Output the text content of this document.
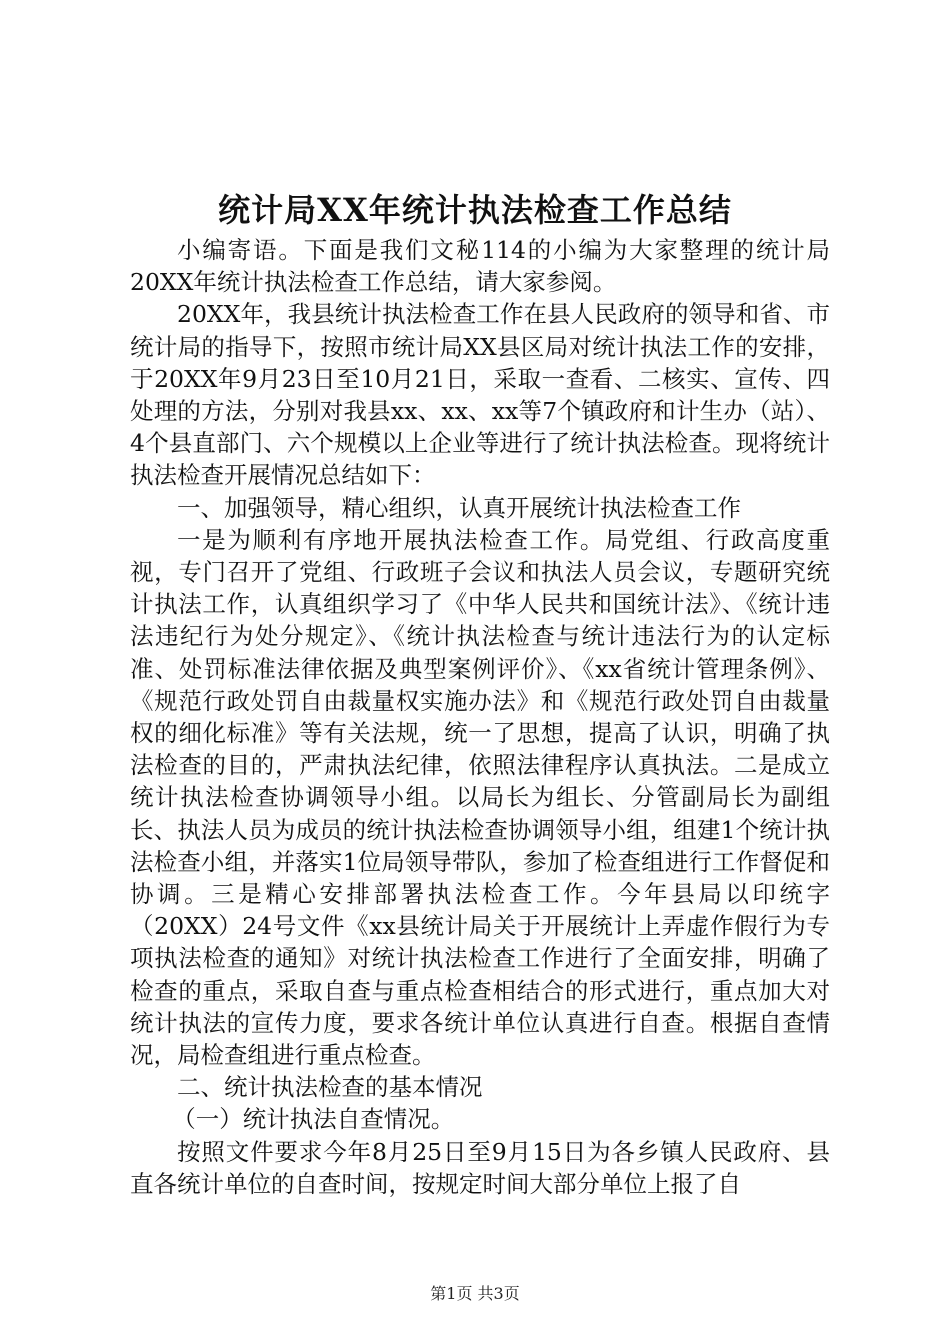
统计局XX年统计执法检查工作总结

小编寄语。下面是我们文秘114的小编为大家整理的统计局20XX年统计执法检查工作总结，请大家参阅。

20XX年，我县统计执法检查工作在县人民政府的领导和省、市统计局的指导下，按照市统计局XX县区局对统计执法工作的安排，于20XX年9月23日至10月21日，采取一查看、二核实、宣传、四处理的方法，分别对我县xx、xx、xx等7个镇政府和计生办（站）、4个县直部门、六个规模以上企业等进行了统计执法检查。现将统计执法检查开展情况总结如下：

一、加强领导，精心组织，认真开展统计执法检查工作

一是为顺利有序地开展执法检查工作。局党组、行政高度重视，专门召开了党组、行政班子会议和执法人员会议，专题研究统计执法工作，认真组织学习了《中华人民共和国统计法》、《统计违法违纪行为处分规定》、《统计执法检查与统计违法行为的认定标准、处罚标准法律依据及典型案例评价》、《xx省统计管理条例》、《规范行政处罚自由裁量权实施办法》和《规范行政处罚自由裁量权的细化标准》等有关法规，统一了思想，提高了认识，明确了执法检查的目的，严肃执法纪律，依照法律程序认真执法。二是成立统计执法检查协调领导小组。以局长为组长、分管副局长为副组长、执法人员为成员的统计执法检查协调领导小组，组建1个统计执法检查小组，并落实1位局领导带队，参加了检查组进行工作督促和协调。三是精心安排部署执法检查工作。今年县局以印统字（20XX）24号文件《xx县统计局关于开展统计上弄虚作假行为专项执法检查的通知》对统计执法检查工作进行了全面安排，明确了检查的重点，采取自查与重点检查相结合的形式进行，重点加大对统计执法的宣传力度，要求各统计单位认真进行自查。根据自查情况，局检查组进行重点检查。

二、统计执法检查的基本情况

（一）统计执法自查情况。

按照文件要求今年8月25日至9月15日为各乡镇人民政府、县直各统计单位的自查时间，按规定时间大部分单位上报了自

第1页 共3页
